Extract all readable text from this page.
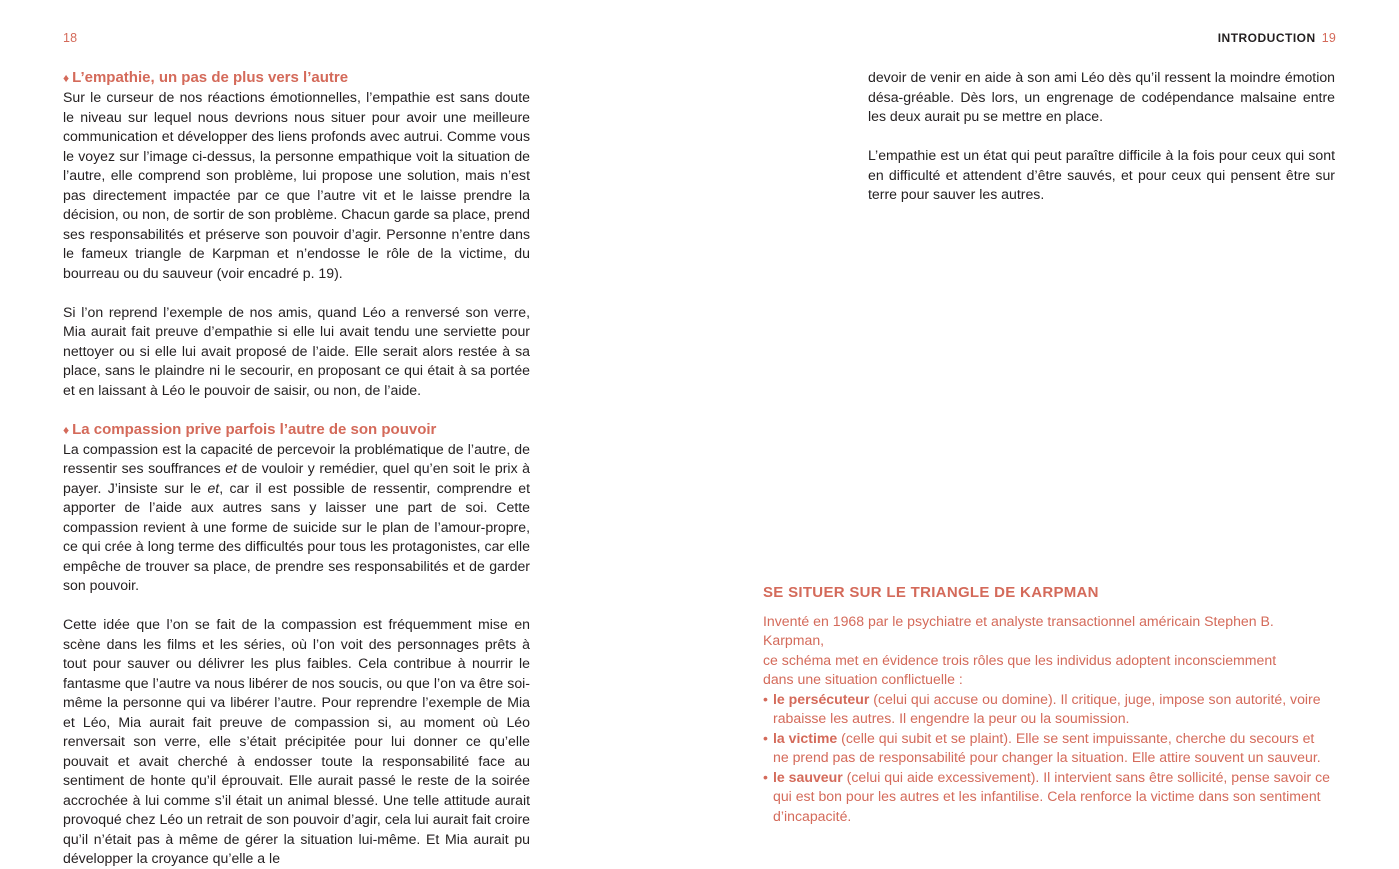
18
♦ L’empathie, un pas de plus vers l’autre

Sur le curseur de nos réactions émotionnelles, l’empathie est sans doute le niveau sur lequel nous devrions nous situer pour avoir une meilleure communication et développer des liens profonds avec autrui. Comme vous le voyez sur l’image ci-dessus, la personne empathique voit la situation de l’autre, elle comprend son problème, lui propose une solution, mais n’est pas directement impactée par ce que l’autre vit et le laisse prendre la décision, ou non, de sortir de son problème. Chacun garde sa place, prend ses responsabilités et préserve son pouvoir d’agir. Personne n’entre dans le fameux triangle de Karpman et n’endosse le rôle de la victime, du bourreau ou du sauveur (voir encadré p. 19).

Si l’on reprend l’exemple de nos amis, quand Léo a renversé son verre, Mia aurait fait preuve d’empathie si elle lui avait tendu une serviette pour nettoyer ou si elle lui avait proposé de l’aide. Elle serait alors restée à sa place, sans le plaindre ni le secourir, en proposant ce qui était à sa portée et en laissant à Léo le pouvoir de saisir, ou non, de l’aide.

♦ La compassion prive parfois l’autre de son pouvoir

La compassion est la capacité de percevoir la problématique de l’autre, de ressentir ses souffrances et de vouloir y remédier, quel qu’en soit le prix à payer. J’insiste sur le et, car il est possible de ressentir, comprendre et apporter de l’aide aux autres sans y laisser une part de soi. Cette compassion revient à une forme de suicide sur le plan de l’amour-propre, ce qui crée à long terme des difficultés pour tous les protagonistes, car elle empêche de trouver sa place, de prendre ses responsabilités et de garder son pouvoir.

Cette idée que l’on se fait de la compassion est fréquemment mise en scène dans les films et les séries, où l’on voit des personnages prêts à tout pour sauver ou délivrer les plus faibles. Cela contribue à nourrir le fantasme que l’autre va nous libérer de nos soucis, ou que l’on va être soi-même la personne qui va libérer l’autre. Pour reprendre l’exemple de Mia et Léo, Mia aurait fait preuve de compassion si, au moment où Léo renversait son verre, elle s’était précipitée pour lui donner ce qu’elle pouvait et avait cherché à endosser toute la responsabilité face au sentiment de honte qu’il éprouvait. Elle aurait passé le reste de la soirée accrochée à lui comme s’il était un animal blessé. Une telle attitude aurait provoqué chez Léo un retrait de son pouvoir d’agir, cela lui aurait fait croire qu’il n’était pas à même de gérer la situation lui-même. Et Mia aurait pu développer la croyance qu’elle a le

INTRODUCTION 19

devoir de venir en aide à son ami Léo dès qu’il ressent la moindre émotion désa-gréable. Dès lors, un engrenage de codépendance malsaine entre les deux aurait pu se mettre en place.

L’empathie est un état qui peut paraître difficile à la fois pour ceux qui sont en difficulté et attendent d’être sauvés, et pour ceux qui pensent être sur terre pour sauver les autres.

SE SITUER SUR LE TRIANGLE DE KARPMAN

Inventé en 1968 par le psychiatre et analyste transactionnel américain Stephen B. Karpman,
ce schéma met en évidence trois rôles que les individus adoptent inconsciemment
dans une situation conflictuelle :

• le persécuteur (celui qui accuse ou domine). Il critique, juge, impose son autorité, voire rabaisse les autres. Il engendre la peur ou la soumission.
• la victime (celle qui subit et se plaint). Elle se sent impuissante, cherche du secours et ne prend pas de responsabilité pour changer la situation. Elle attire souvent un sauveur.
• le sauveur (celui qui aide excessivement). Il intervient sans être sollicité, pense savoir ce qui est bon pour les autres et les infantilise. Cela renforce la victime dans son sentiment d’incapacité.
